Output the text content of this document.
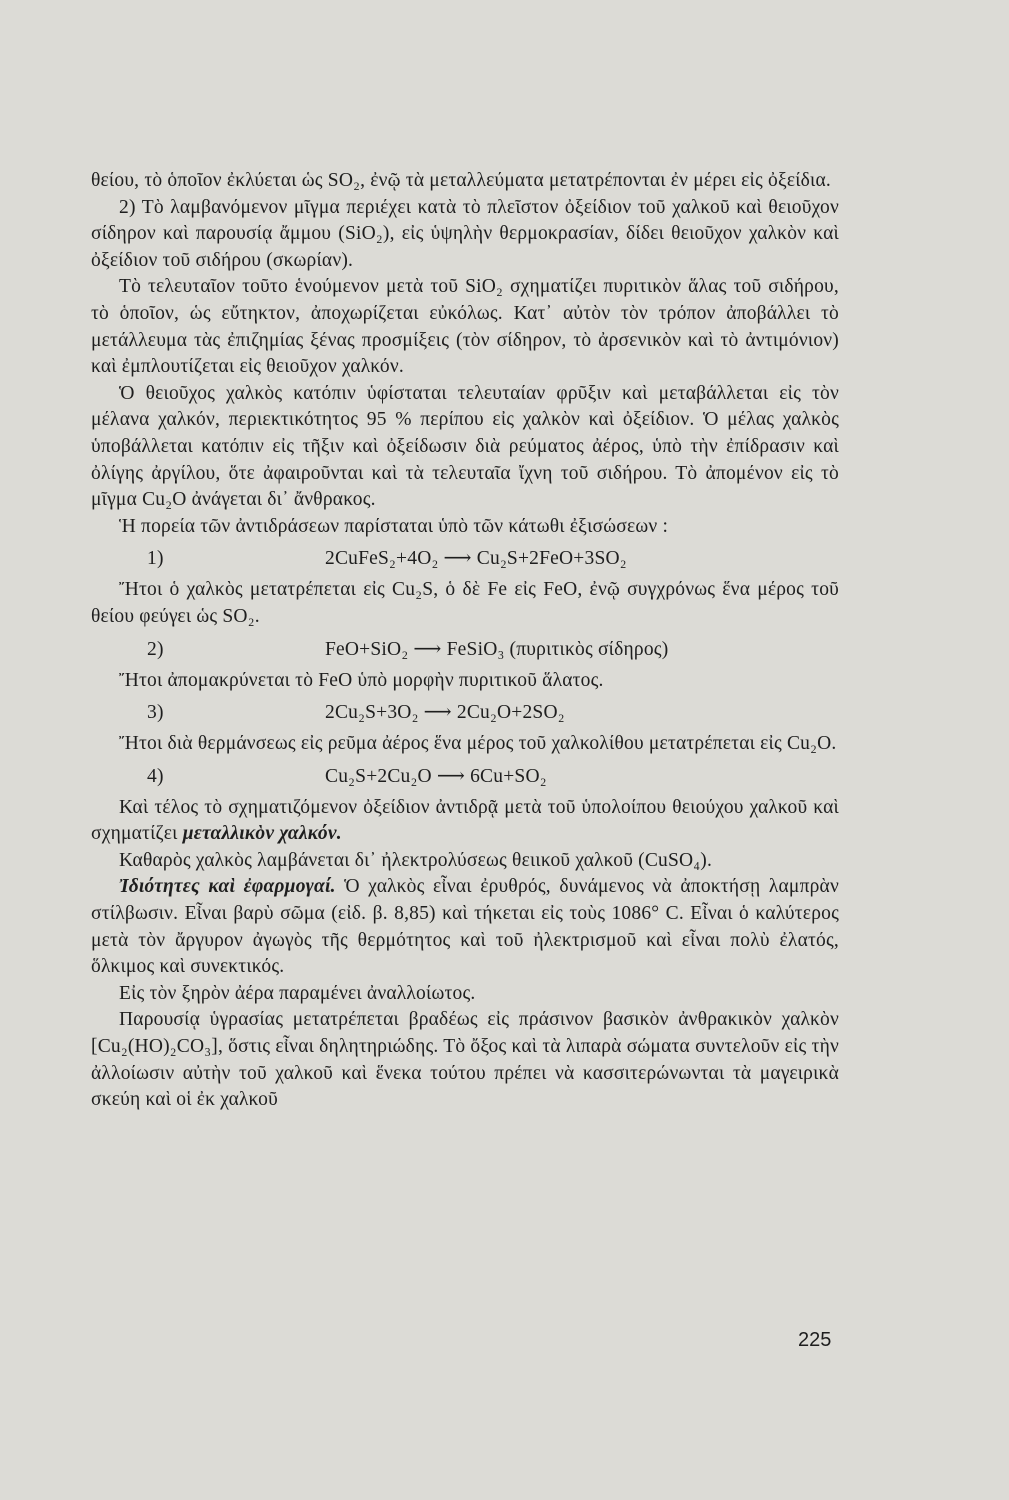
θείου, τὸ ὁποῖον ἐκλύεται ὡς SO₂, ἐνῷ τὰ μεταλλεύματα μετατρέπονται ἐν μέρει εἰς ὀξείδια.

2) Τὸ λαμβανόμενον μῖγμα περιέχει κατὰ τὸ πλεῖστον ὀξείδιον τοῦ χαλκοῦ καὶ θειοῦχον σίδηρον καὶ παρουσίᾳ ἄμμου (SiO₂), εἰς ὑψηλὴν θερμοκρασίαν, δίδει θειοῦχον χαλκὸν καὶ ὀξείδιον τοῦ σιδήρου (σκωρίαν).

Τὸ τελευταῖον τοῦτο ἑνούμενον μετὰ τοῦ SiO₂ σχηματίζει πυριτικὸν ἅλας τοῦ σιδήρου, τὸ ὁποῖον, ὡς εὔτηκτον, ἀποχωρίζεται εὐκόλως. Κατ᾽ αὐτὸν τὸν τρόπον ἀποβάλλει τὸ μετάλλευμα τὰς ἐπιζημίας ξένας προσμίξεις (τὸν σίδηρον, τὸ ἀρσενικὸν καὶ τὸ ἀντιμόνιον) καὶ ἐμπλουτίζεται εἰς θειοῦχον χαλκόν.

Ὁ θειοῦχος χαλκὸς κατόπιν ὑφίσταται τελευταίαν φρῦξιν καὶ μεταβάλλεται εἰς τὸν μέλανα χαλκόν, περιεκτικότητος 95 % περίπου εἰς χαλκὸν καὶ ὀξείδιον. Ὁ μέλας χαλκὸς ὑποβάλλεται κατόπιν εἰς τῆξιν καὶ ὀξείδωσιν διὰ ρεύματος ἀέρος, ὑπὸ τὴν ἐπίδρασιν καὶ ὀλίγης ἀργίλου, ὅτε ἀφαιροῦνται καὶ τὰ τελευταῖα ἴχνη τοῦ σιδήρου. Τὸ ἀπομένον εἰς τὸ μῖγμα Cu₂O ἀνάγεται δι᾽ ἄνθρακος.

Ἡ πορεία τῶν ἀντιδράσεων παρίσταται ὑπὸ τῶν κάτωθι ἐξισώσεων :

1)	2CuFeS₂+4O₂ ⟶ Cu₂S+2FeO+3SO₂

Ἤτοι ὁ χαλκὸς μετατρέπεται εἰς Cu₂S, ὁ δὲ Fe εἰς FeO, ἐνῷ συγχρόνως ἕνα μέρος τοῦ θείου φεύγει ὡς SO₂.

2)	FeO+SiO₂ ⟶ FeSiO₃ (πυριτικὸς σίδηρος)

Ἤτοι ἀπομακρύνεται τὸ FeO ὑπὸ μορφὴν πυριτικοῦ ἅλατος.

3)	2Cu₂S+3O₂ ⟶ 2Cu₂O+2SO₂

Ἤτοι διὰ θερμάνσεως εἰς ρεῦμα ἀέρος ἕνα μέρος τοῦ χαλκολίθου μετατρέπεται εἰς Cu₂O.

4)	Cu₂S+2Cu₂O ⟶ 6Cu+SO₂

Καὶ τέλος τὸ σχηματιζόμενον ὀξείδιον ἀντιδρᾷ μετὰ τοῦ ὑπολοίπου θειούχου χαλκοῦ καὶ σχηματίζει μεταλλικὸν χαλκόν.

Καθαρὸς χαλκὸς λαμβάνεται δι᾽ ἠλεκτρολύσεως θειικοῦ χαλκοῦ (CuSO₄).

Ἰδιότητες καὶ ἐφαρμογαί. Ὁ χαλκὸς εἶναι ἐρυθρός, δυνάμενος νὰ ἀποκτήσῃ λαμπρὰν στίλβωσιν. Εἶναι βαρὺ σῶμα (εἰδ. β. 8,85) καὶ τήκεται εἰς τοὺς 1086° C. Εἶναι ὁ καλύτερος μετὰ τὸν ἄργυρον ἀγωγὸς τῆς θερμότητος καὶ τοῦ ἠλεκτρισμοῦ καὶ εἶναι πολὺ ἐλατός, ὅλκιμος καὶ συνεκτικός.

Εἰς τὸν ξηρὸν ἀέρα παραμένει ἀναλλοίωτος.

Παρουσίᾳ ὑγρασίας μετατρέπεται βραδέως εἰς πράσινον βασικὸν ἀνθρακικὸν χαλκὸν [Cu₂(HO)₂CO₃], ὅστις εἶναι δηλητηριώδης. Τὸ ὄξος καὶ τὰ λιπαρὰ σώματα συντελοῦν εἰς τὴν ἀλλοίωσιν αὐτὴν τοῦ χαλκοῦ καὶ ἕνεκα τούτου πρέπει νὰ κασσιτερώνωνται τὰ μαγειρικὰ σκεύη καὶ οἱ ἐκ χαλκοῦ

225
